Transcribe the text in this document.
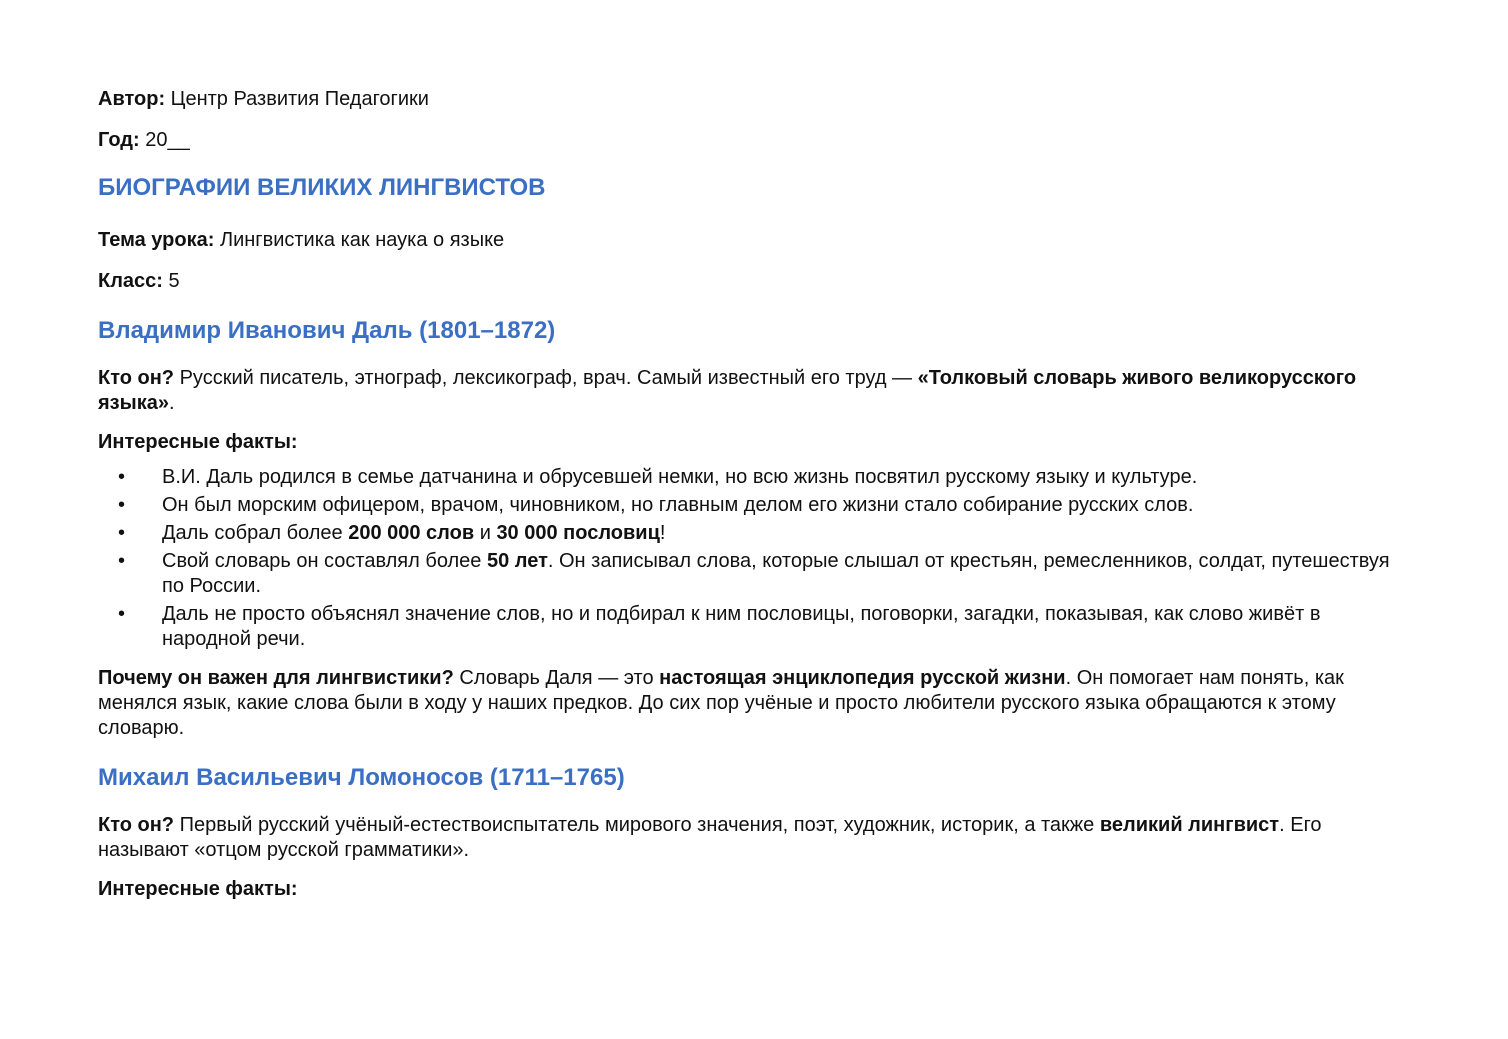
Автор: Центр Развития Педагогики

Год: 20__

БИОГРАФИИ ВЕЛИКИХ ЛИНГВИСТОВ

Тема урока: Лингвистика как наука о языке

Класс: 5

Владимир Иванович Даль (1801–1872)

Кто он? Русский писатель, этнограф, лексикограф, врач. Самый известный его труд — «Толковый словарь живого великорусского языка».

Интересные факты:

• В.И. Даль родился в семье датчанина и обрусевшей немки, но всю жизнь посвятил русскому языку и культуре.
• Он был морским офицером, врачом, чиновником, но главным делом его жизни стало собирание русских слов.
• Даль собрал более 200 000 слов и 30 000 пословиц!
• Свой словарь он составлял более 50 лет. Он записывал слова, которые слышал от крестьян, ремесленников, солдат, путешествуя по России.
• Даль не просто объяснял значение слов, но и подбирал к ним пословицы, поговорки, загадки, показывая, как слово живёт в народной речи.

Почему он важен для лингвистики? Словарь Даля — это настоящая энциклопедия русской жизни. Он помогает нам понять, как менялся язык, какие слова были в ходу у наших предков. До сих пор учёные и просто любители русского языка обращаются к этому словарю.

Михаил Васильевич Ломоносов (1711–1765)

Кто он? Первый русский учёный-естествоиспытатель мирового значения, поэт, художник, историк, а также великий лингвист. Его называют «отцом русской грамматики».

Интересные факты:
